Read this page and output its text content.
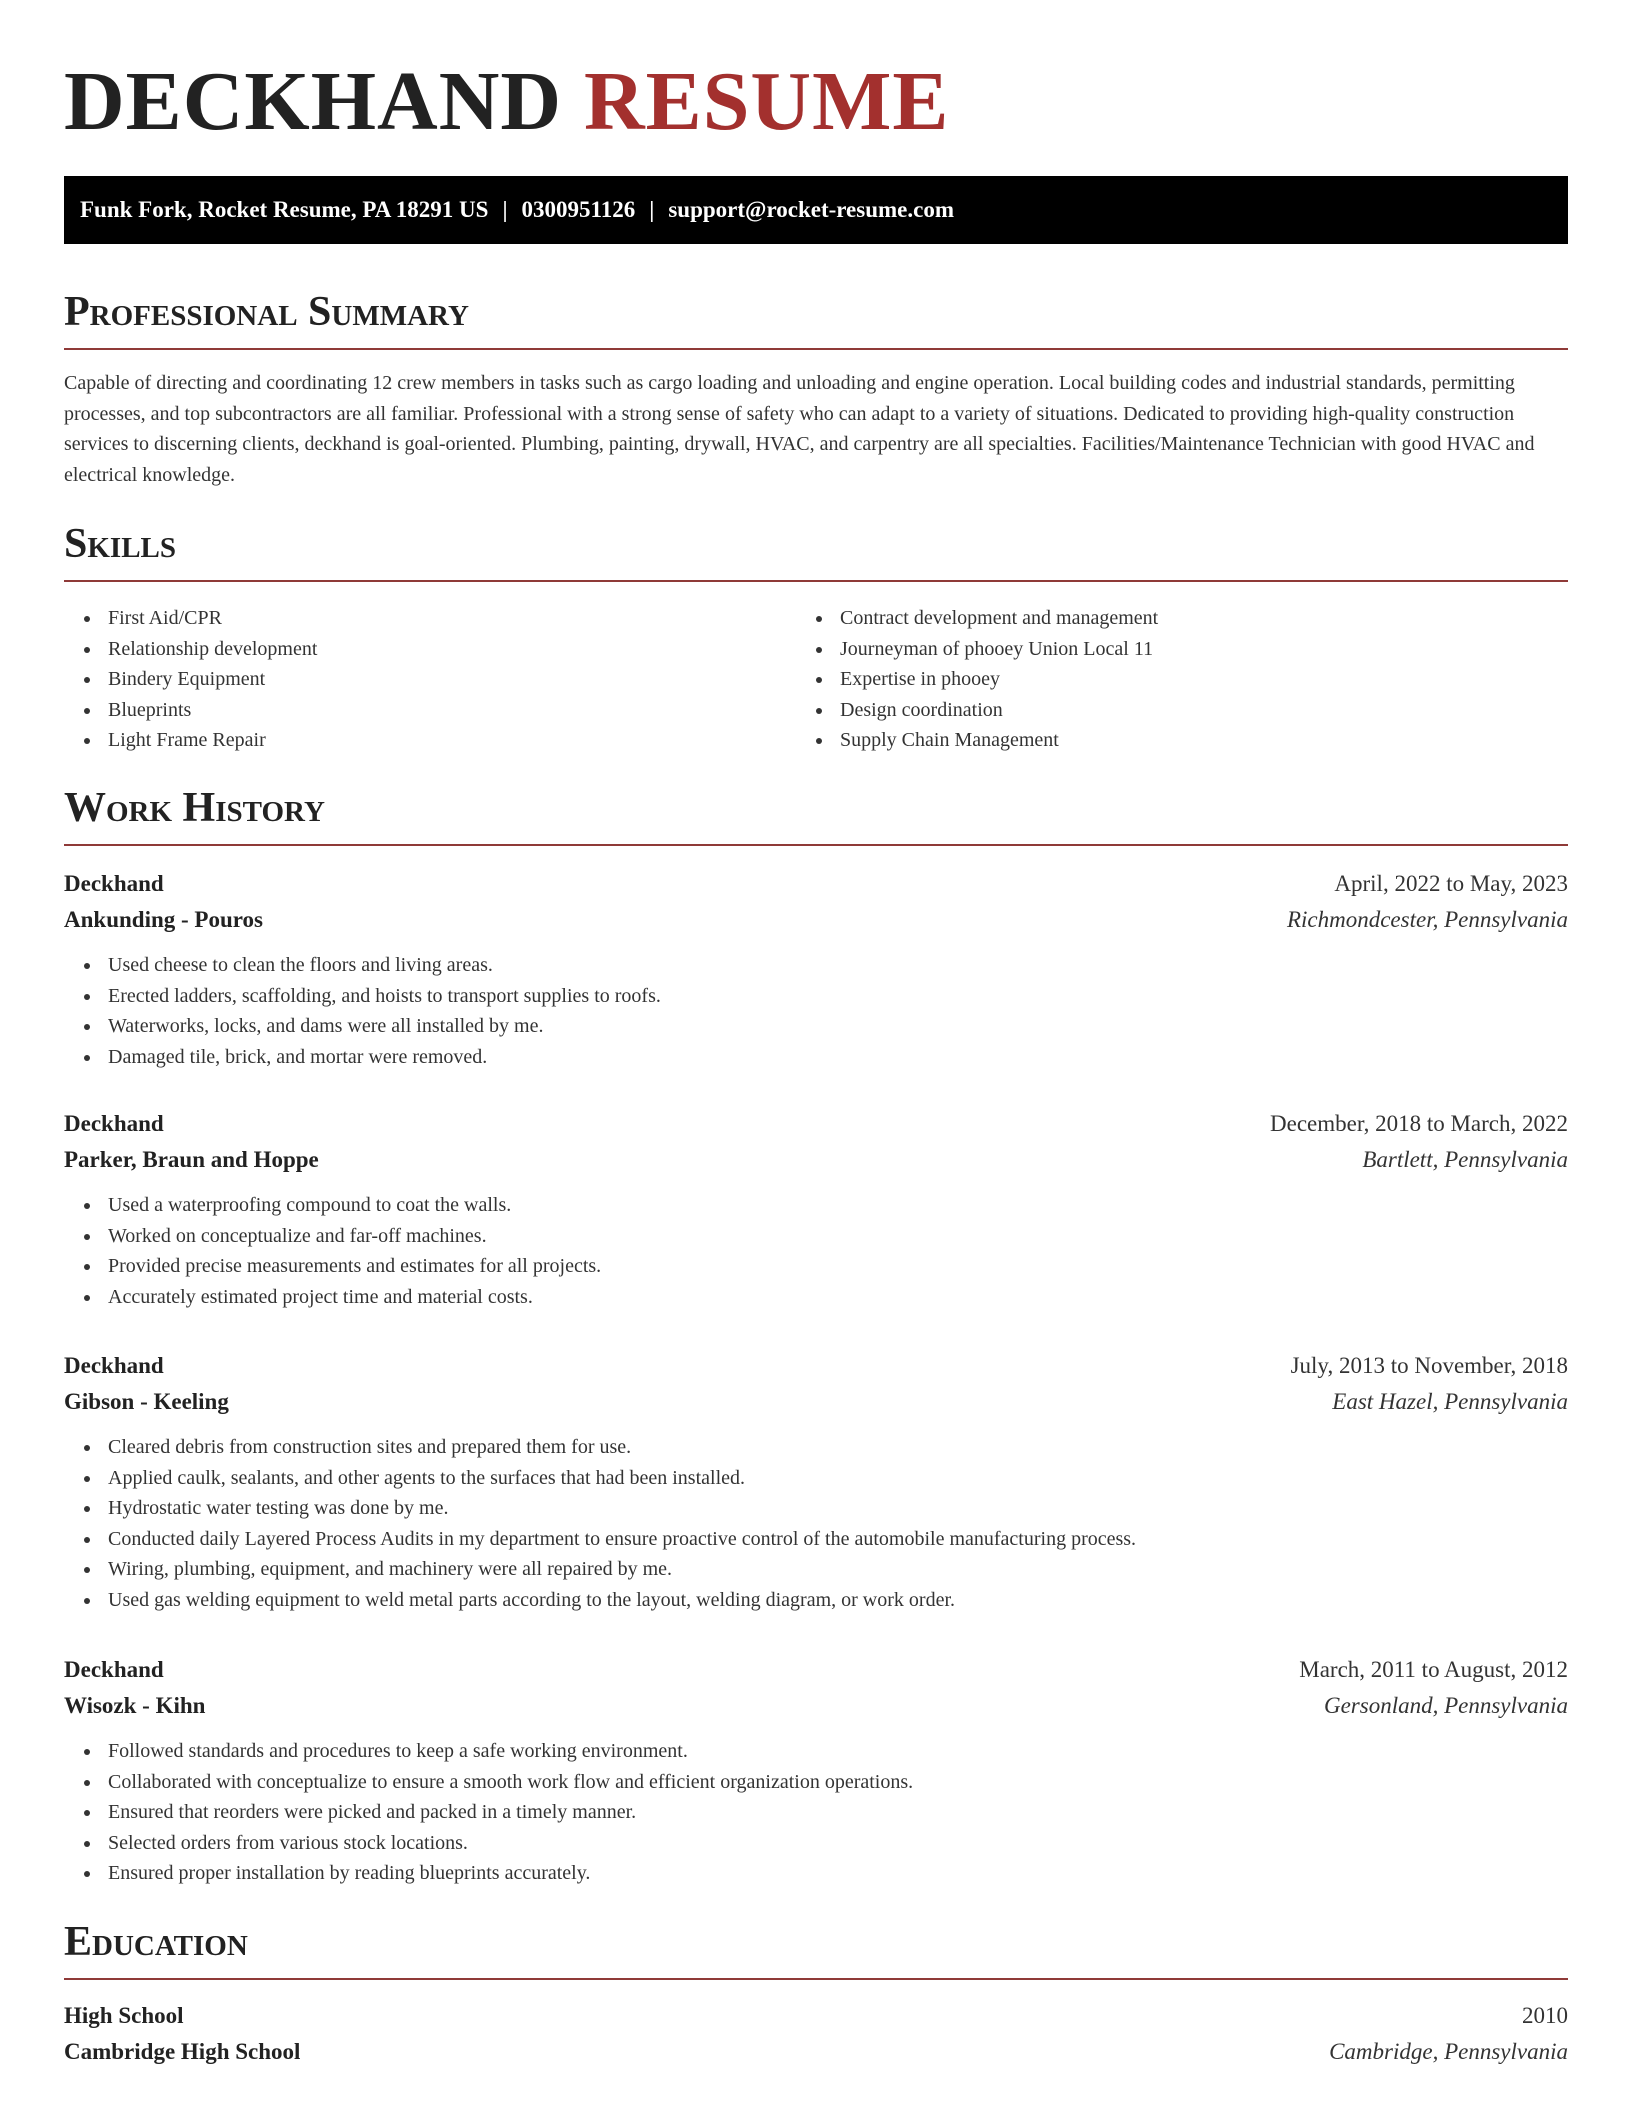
DECKHAND RESUME
Funk Fork, Rocket Resume, PA 18291 US | 0300951126 | support@rocket-resume.com
Professional Summary

Capable of directing and coordinating 12 crew members in tasks such as cargo loading and unloading and engine operation. Local building codes and industrial standards, permitting processes, and top subcontractors are all familiar. Professional with a strong sense of safety who can adapt to a variety of situations. Dedicated to providing high-quality construction services to discerning clients, deckhand is goal-oriented. Plumbing, painting, drywall, HVAC, and carpentry are all specialties. Facilities/Maintenance Technician with good HVAC and electrical knowledge.

Skills
First Aid/CPR
Relationship development
Bindery Equipment
Blueprints
Light Frame Repair
Contract development and management
Journeyman of phooey Union Local 11
Expertise in phooey
Design coordination
Supply Chain Management
Work History
Deckhand	April, 2022 to May, 2023
Ankunding - Pouros	Richmondcester, Pennsylvania
Used cheese to clean the floors and living areas.
Erected ladders, scaffolding, and hoists to transport supplies to roofs.
Waterworks, locks, and dams were all installed by me.
Damaged tile, brick, and mortar were removed.
Deckhand	December, 2018 to March, 2022
Parker, Braun and Hoppe	Bartlett, Pennsylvania
Used a waterproofing compound to coat the walls.
Worked on conceptualize and far-off machines.
Provided precise measurements and estimates for all projects.
Accurately estimated project time and material costs.
Deckhand	July, 2013 to November, 2018
Gibson - Keeling	East Hazel, Pennsylvania
Cleared debris from construction sites and prepared them for use.
Applied caulk, sealants, and other agents to the surfaces that had been installed.
Hydrostatic water testing was done by me.
Conducted daily Layered Process Audits in my department to ensure proactive control of the automobile manufacturing process.
Wiring, plumbing, equipment, and machinery were all repaired by me.
Used gas welding equipment to weld metal parts according to the layout, welding diagram, or work order.
Deckhand	March, 2011 to August, 2012
Wisozk - Kihn	Gersonland, Pennsylvania
Followed standards and procedures to keep a safe working environment.
Collaborated with conceptualize to ensure a smooth work flow and efficient organization operations.
Ensured that reorders were picked and packed in a timely manner.
Selected orders from various stock locations.
Ensured proper installation by reading blueprints accurately.
Education
High School	2010
Cambridge High School	Cambridge, Pennsylvania
